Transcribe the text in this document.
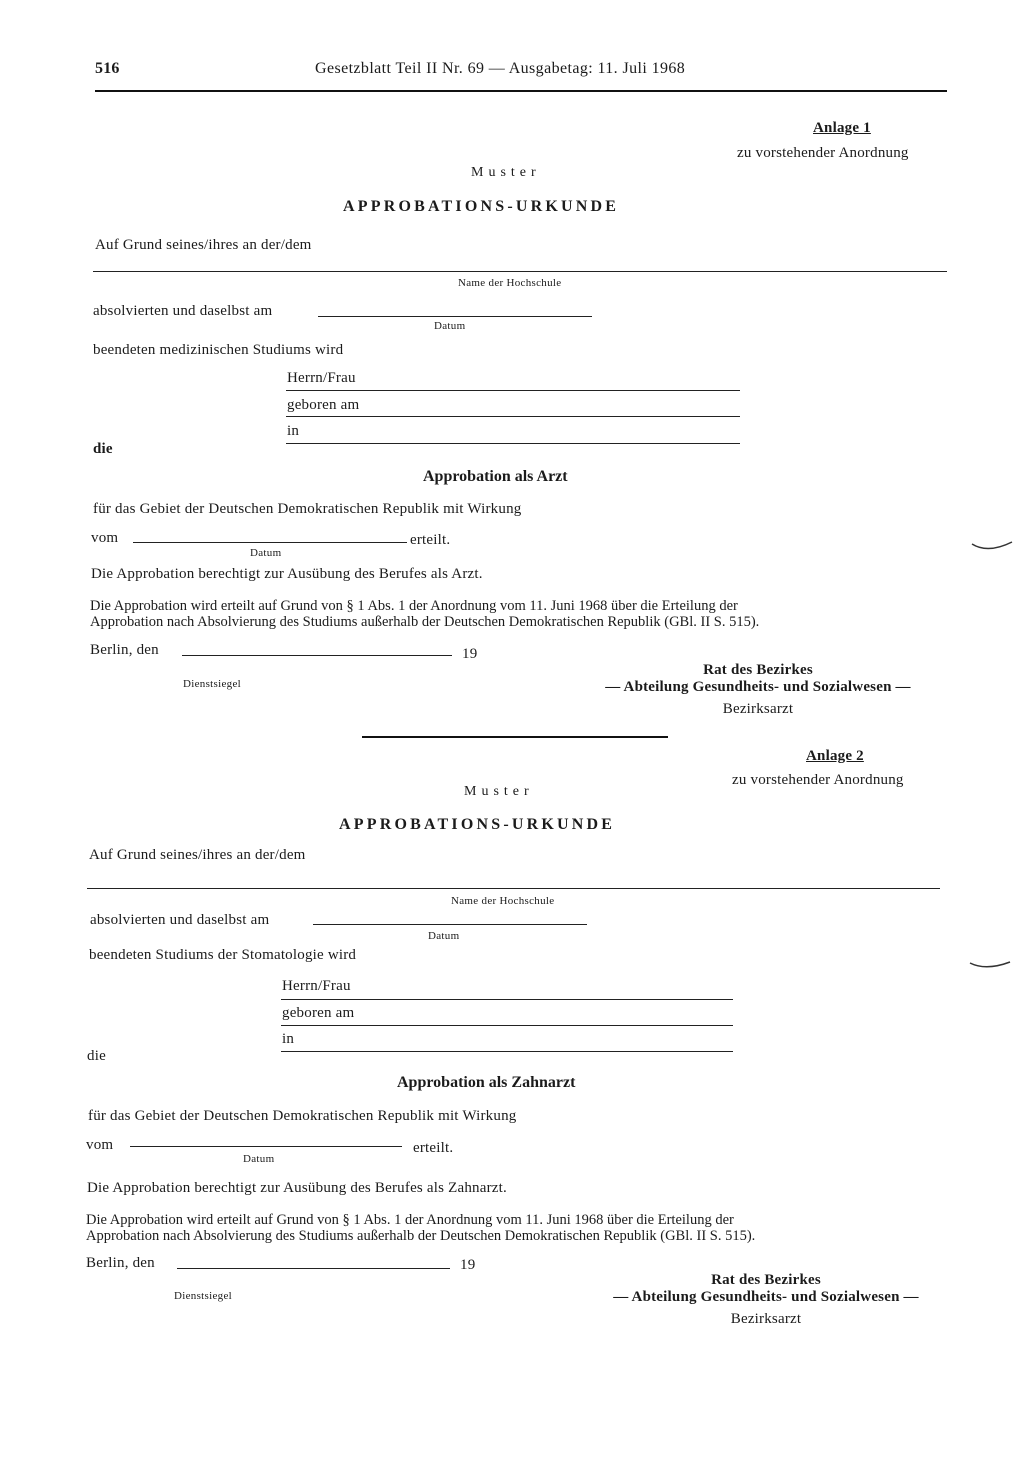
516	Gesetzblatt Teil II Nr. 69 — Ausgabetag: 11. Juli 1968
Anlage 1
zu vorstehender Anordnung
Muster
APPROBATIONS-URKUNDE
Auf Grund seines/ihres an der/dem
Name der Hochschule
absolvierten und daselbst am
Datum
beendeten medizinischen Studiums wird
Herrn/Frau
geboren am
in
die
Approbation als Arzt
für das Gebiet der Deutschen Demokratischen Republik mit Wirkung
vom	erteilt.
Datum
Die Approbation berechtigt zur Ausübung des Berufes als Arzt.
Die Approbation wird erteilt auf Grund von § 1 Abs. 1 der Anordnung vom 11. Juni 1968 über die Erteilung der
Approbation nach Absolvierung des Studiums außerhalb der Deutschen Demokratischen Republik (GBl. II S. 515).
Berlin, den	19
Dienstsiegel
Rat des Bezirkes
— Abteilung Gesundheits- und Sozialwesen —
Bezirksarzt
Anlage 2
zu vorstehender Anordnung
Muster
APPROBATIONS-URKUNDE
Auf Grund seines/ihres an der/dem
Name der Hochschule
absolvierten und daselbst am
Datum
beendeten Studiums der Stomatologie wird
Herrn/Frau
geboren am
in
die
Approbation als Zahnarzt
für das Gebiet der Deutschen Demokratischen Republik mit Wirkung
vom	erteilt.
Datum
Die Approbation berechtigt zur Ausübung des Berufes als Zahnarzt.
Die Approbation wird erteilt auf Grund von § 1 Abs. 1 der Anordnung vom 11. Juni 1968 über die Erteilung der
Approbation nach Absolvierung des Studiums außerhalb der Deutschen Demokratischen Republik (GBl. II S. 515).
Berlin, den	19
Dienstsiegel
Rat des Bezirkes
— Abteilung Gesundheits- und Sozialwesen —
Bezirksarzt
